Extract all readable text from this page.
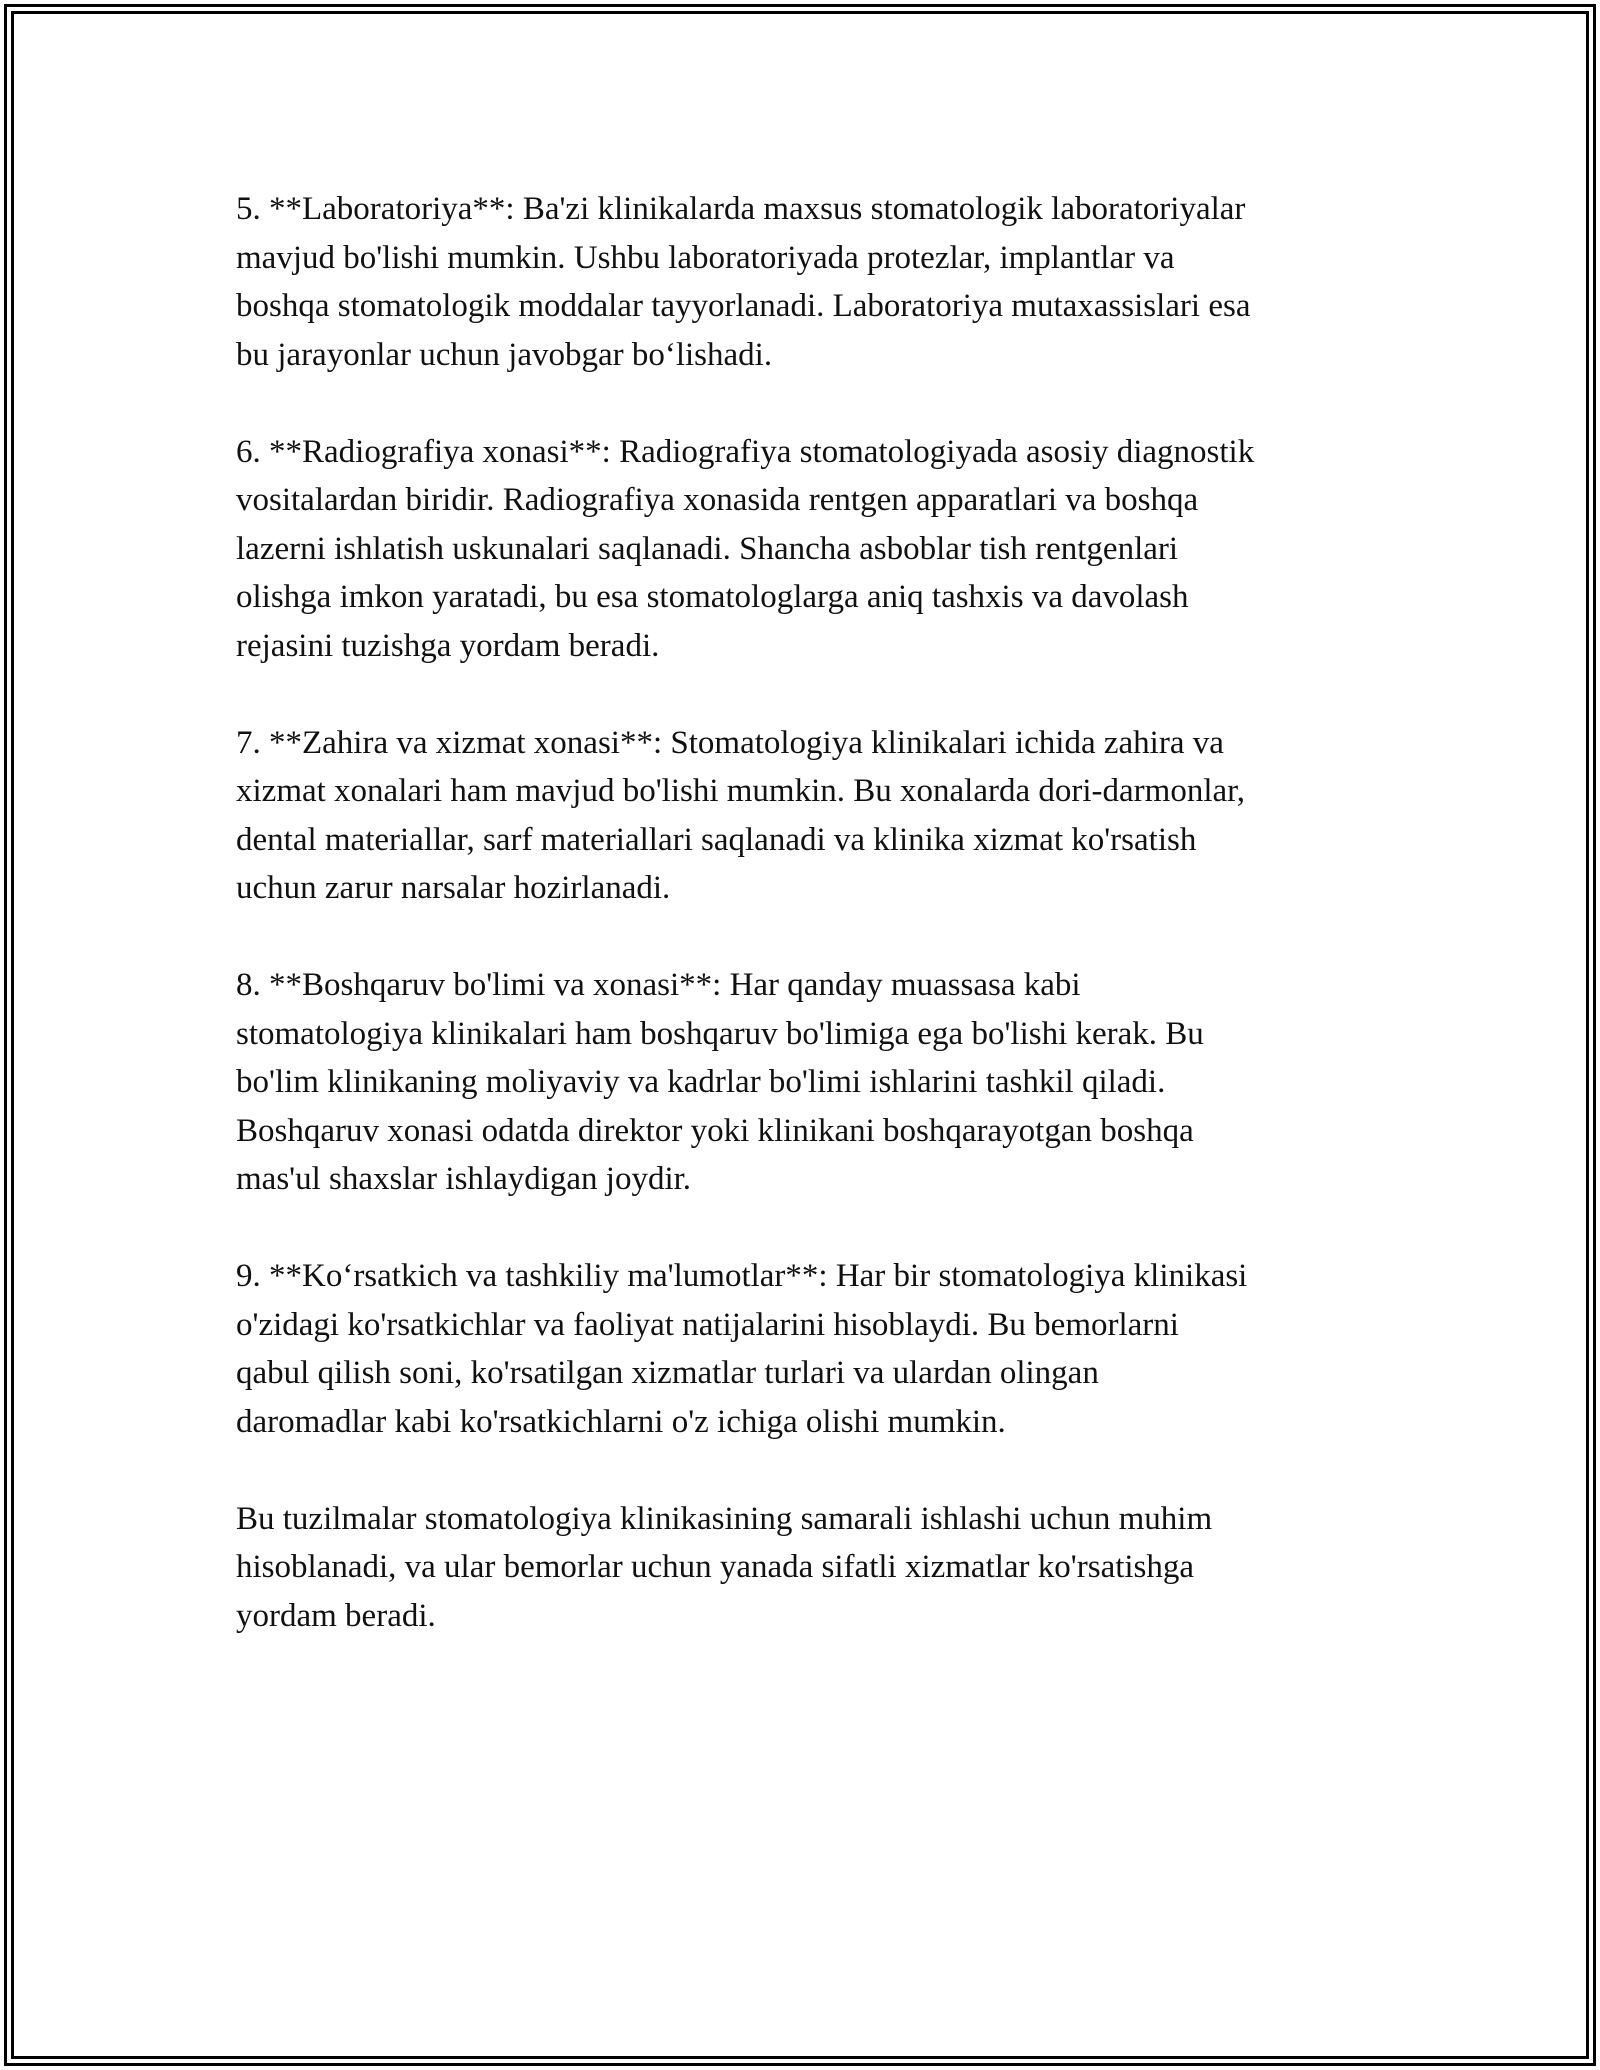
5. **Laboratoriya**: Ba'zi klinikalarda maxsus stomatologik laboratoriyalar
mavjud bo'lishi mumkin. Ushbu laboratoriyada protezlar, implantlar va
boshqa stomatologik moddalar tayyorlanadi. Laboratoriya mutaxassislari esa
bu jarayonlar uchun javobgar bo‘lishadi.

6. **Radiografiya xonasi**: Radiografiya stomatologiyada asosiy diagnostik
vositalardan biridir. Radiografiya xonasida rentgen apparatlari va boshqa
lazerni ishlatish uskunalari saqlanadi. Shancha asboblar tish rentgenlari
olishga imkon yaratadi, bu esa stomatologlarga aniq tashxis va davolash
rejasini tuzishga yordam beradi.

7. **Zahira va xizmat xonasi**: Stomatologiya klinikalari ichida zahira va
xizmat xonalari ham mavjud bo'lishi mumkin. Bu xonalarda dori-darmonlar,
dental materiallar, sarf materiallari saqlanadi va klinika xizmat ko'rsatish
uchun zarur narsalar hozirlanadi.

8. **Boshqaruv bo'limi va xonasi**: Har qanday muassasa kabi
stomatologiya klinikalari ham boshqaruv bo'limiga ega bo'lishi kerak. Bu
bo'lim klinikaning moliyaviy va kadrlar bo'limi ishlarini tashkil qiladi.
Boshqaruv xonasi odatda direktor yoki klinikani boshqarayotgan boshqa
mas'ul shaxslar ishlaydigan joydir.

9. **Ko‘rsatkich va tashkiliy ma'lumotlar**: Har bir stomatologiya klinikasi
o'zidagi ko'rsatkichlar va faoliyat natijalarini hisoblaydi. Bu bemorlarni
qabul qilish soni, ko'rsatilgan xizmatlar turlari va ulardan olingan
daromadlar kabi ko'rsatkichlarni o'z ichiga olishi mumkin.

Bu tuzilmalar stomatologiya klinikasining samarali ishlashi uchun muhim
hisoblanadi, va ular bemorlar uchun yanada sifatli xizmatlar ko'rsatishga
yordam beradi.
